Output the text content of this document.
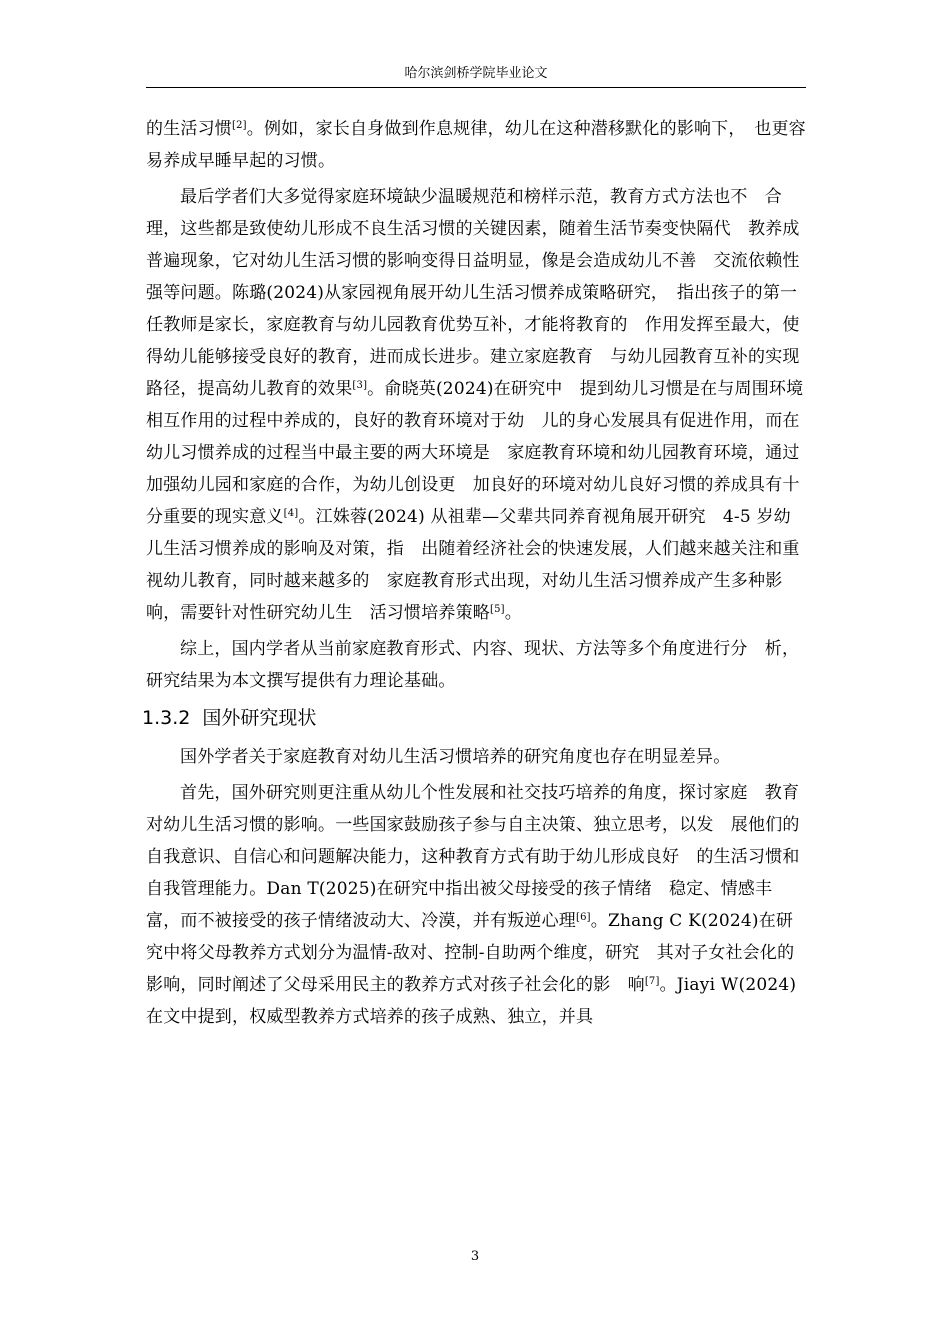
哈尔滨剑桥学院毕业论文

的生活习惯[2]。例如，家长自身做到作息规律，幼儿在这种潜移默化的影响下，　也更容易养成早睡早起的习惯。

最后学者们大多觉得家庭环境缺少温暖规范和榜样示范，教育方式方法也不　合理，这些都是致使幼儿形成不良生活习惯的关键因素，随着生活节奏变快隔代　教养成普遍现象，它对幼儿生活习惯的影响变得日益明显，像是会造成幼儿不善　交流依赖性强等问题。陈璐(2024)从家园视角展开幼儿生活习惯养成策略研究，　指出孩子的第一任教师是家长，家庭教育与幼儿园教育优势互补，才能将教育的　作用发挥至最大，使得幼儿能够接受良好的教育，进而成长进步。建立家庭教育　与幼儿园教育互补的实现路径，提高幼儿教育的效果[3]。俞晓英(2024)在研究中　提到幼儿习惯是在与周围环境相互作用的过程中养成的，良好的教育环境对于幼　儿的身心发展具有促进作用，而在幼儿习惯养成的过程当中最主要的两大环境是　家庭教育环境和幼儿园教育环境，通过加强幼儿园和家庭的合作，为幼儿创设更　加良好的环境对幼儿良好习惯的养成具有十分重要的现实意义[4]。江姝蓉(2024) 从祖辈—父辈共同养育视角展开研究　4-5 岁幼儿生活习惯养成的影响及对策，指　出随着经济社会的快速发展，人们越来越关注和重视幼儿教育，同时越来越多的　家庭教育形式出现，对幼儿生活习惯养成产生多种影响，需要针对性研究幼儿生　活习惯培养策略[5]。

综上，国内学者从当前家庭教育形式、内容、现状、方法等多个角度进行分　析，研究结果为本文撰写提供有力理论基础。

1.3.2 国外研究现状

国外学者关于家庭教育对幼儿生活习惯培养的研究角度也存在明显差异。

首先，国外研究则更注重从幼儿个性发展和社交技巧培养的角度，探讨家庭　教育对幼儿生活习惯的影响。一些国家鼓励孩子参与自主决策、独立思考，以发　展他们的自我意识、自信心和问题解决能力，这种教育方式有助于幼儿形成良好　的生活习惯和自我管理能力。Dan T(2025)在研究中指出被父母接受的孩子情绪　稳定、情感丰富，而不被接受的孩子情绪波动大、冷漠，并有叛逆心理[6]。Zhang C K(2024)在研究中将父母教养方式划分为温情-敌对、控制-自助两个维度，研究　其对子女社会化的影响，同时阐述了父母采用民主的教养方式对孩子社会化的影　响[7]。Jiayi W(2024)在文中提到，权威型教养方式培养的孩子成熟、独立，并具

3
